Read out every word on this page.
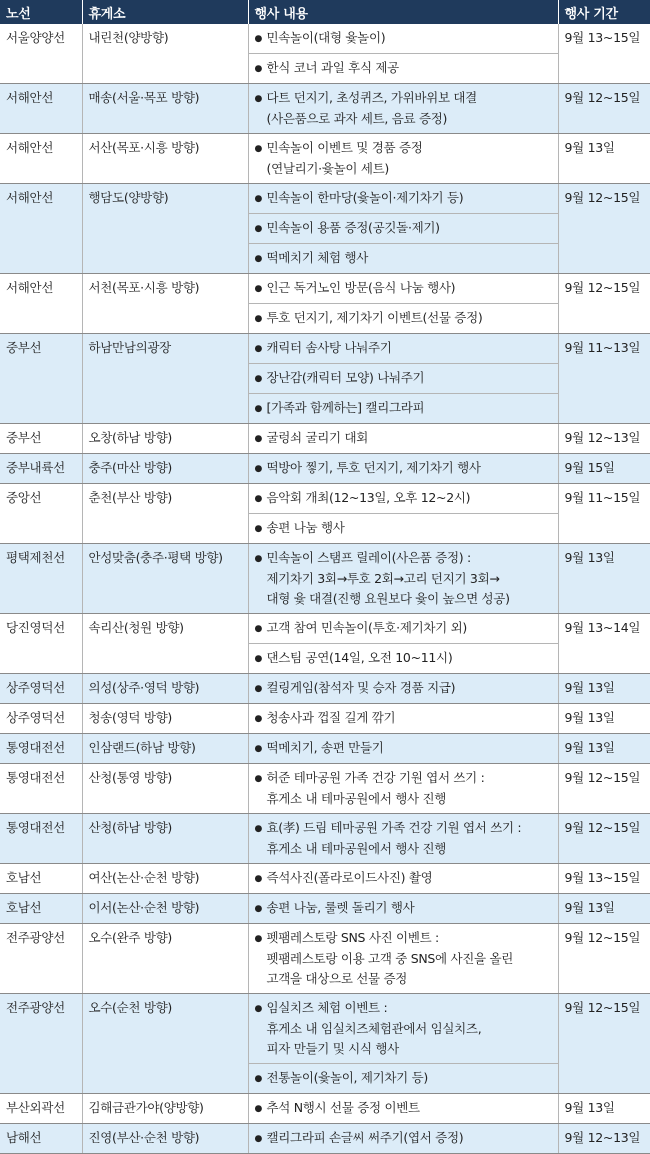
노선	휴게소	행사 내용	행사 기간
서울양양선	내린천(양방향)	● 민속놀이(대형 윷놀이)
● 한식 코너 과일 후식 제공	9월 13~15일
서해안선	매송(서울·목포 방향)	● 다트 던지기, 초성퀴즈, 가위바위보 대결
(사은품으로 과자 세트, 음료 증정)	9월 12~15일
서해안선	서산(목포·시흥 방향)	● 민속놀이 이벤트 및 경품 증정
(연날리기·윷놀이 세트)	9월 13일
서해안선	행담도(양방향)	● 민속놀이 한마당(윷놀이·제기차기 등)
● 민속놀이 용품 증정(공깃돌·제기)
● 떡메치기 체험 행사	9월 12~15일
서해안선	서천(목포·시흥 방향)	● 인근 독거노인 방문(음식 나눔 행사)
● 투호 던지기, 제기차기 이벤트(선물 증정)	9월 12~15일
중부선	하남만남의광장	● 캐릭터 솜사탕 나눠주기
● 장난감(캐릭터 모양) 나눠주기
● [가족과 함께하는] 캘리그라피	9월 11~13일
중부선	오창(하남 방향)	● 굴렁쇠 굴리기 대회	9월 12~13일
중부내륙선	충주(마산 방향)	● 떡방아 찧기, 투호 던지기, 제기차기 행사	9월 15일
중앙선	춘천(부산 방향)	● 음악회 개최(12~13일, 오후 12~2시)
● 송편 나눔 행사	9월 11~15일
평택제천선	안성맞춤(충주·평택 방향)	● 민속놀이 스탬프 릴레이(사은품 증정) :
제기차기 3회→투호 2회→고리 던지기 3회→
대형 윷 대결(진행 요원보다 윷이 높으면 성공)	9월 13일
당진영덕선	속리산(청원 방향)	● 고객 참여 민속놀이(투호·제기차기 외)
● 댄스팀 공연(14일, 오전 10~11시)	9월 13~14일
상주영덕선	의성(상주·영덕 방향)	● 컬링게임(참석자 및 승자 경품 지급)	9월 13일
상주영덕선	청송(영덕 방향)	● 청송사과 껍질 길게 깎기	9월 13일
통영대전선	인삼랜드(하남 방향)	● 떡메치기, 송편 만들기	9월 13일
통영대전선	산청(통영 방향)	● 허준 테마공원 가족 건강 기원 엽서 쓰기 :
휴게소 내 테마공원에서 행사 진행	9월 12~15일
통영대전선	산청(하남 방향)	● 효(孝) 드림 테마공원 가족 건강 기원 엽서 쓰기 :
휴게소 내 테마공원에서 행사 진행	9월 12~15일
호남선	여산(논산·순천 방향)	● 즉석사진(폴라로이드사진) 촬영	9월 13~15일
호남선	이서(논산·순천 방향)	● 송편 나눔, 룰렛 돌리기 행사	9월 13일
전주광양선	오수(완주 방향)	● 펫팸레스토랑 SNS 사진 이벤트 :
펫팸레스토랑 이용 고객 중 SNS에 사진을 올린
고객을 대상으로 선물 증정	9월 12~15일
전주광양선	오수(순천 방향)	● 임실치즈 체험 이벤트 :
휴게소 내 임실치즈체험관에서 임실치즈,
피자 만들기 및 시식 행사
● 전통놀이(윷놀이, 제기차기 등)	9월 12~15일
부산외곽선	김해금관가야(양방향)	● 추석 N행시 선물 증정 이벤트	9월 13일
남해선	진영(부산·순천 방향)	● 캘리그라피 손글씨 써주기(엽서 증정)	9월 12~13일
